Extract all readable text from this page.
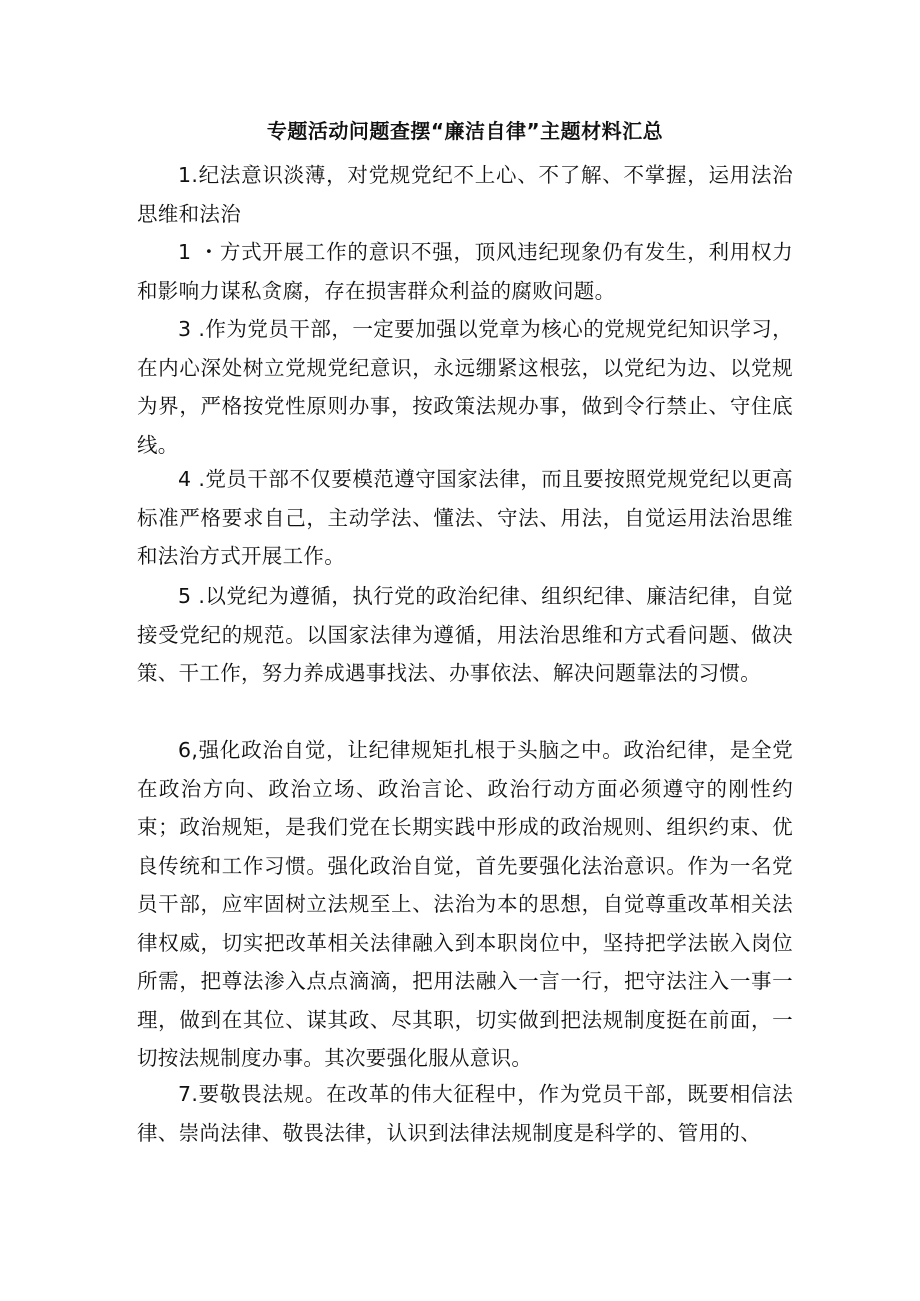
专题活动问题查摆“廉洁自律”主题材料汇总

1.纪法意识淡薄，对党规党纪不上心、不了解、不掌握，运用法治思维和法治

1 ・方式开展工作的意识不强，顶风违纪现象仍有发生，利用权力和影响力谋私贪腐，存在损害群众利益的腐败问题。

3 .作为党员干部，一定要加强以党章为核心的党规党纪知识学习，在内心深处树立党规党纪意识，永远绷紧这根弦，以党纪为边、以党规为界，严格按党性原则办事，按政策法规办事，做到令行禁止、守住底线。

4 .党员干部不仅要模范遵守国家法律，而且要按照党规党纪以更高标准严格要求自己，主动学法、懂法、守法、用法，自觉运用法治思维和法治方式开展工作。

5 .以党纪为遵循，执行党的政治纪律、组织纪律、廉洁纪律，自觉接受党纪的规范。以国家法律为遵循，用法治思维和方式看问题、做决策、干工作，努力养成遇事找法、办事依法、解决问题靠法的习惯。

6,强化政治自觉，让纪律规矩扎根于头脑之中。政治纪律，是全党在政治方向、政治立场、政治言论、政治行动方面必须遵守的刚性约束；政治规矩，是我们党在长期实践中形成的政治规则、组织约束、优良传统和工作习惯。强化政治自觉，首先要强化法治意识。作为一名党员干部，应牢固树立法规至上、法治为本的思想，自觉尊重改革相关法律权威，切实把改革相关法律融入到本职岗位中，坚持把学法嵌入岗位所需，把尊法渗入点点滴滴，把用法融入一言一行，把守法注入一事一理，做到在其位、谋其政、尽其职，切实做到把法规制度挺在前面，一切按法规制度办事。其次要强化服从意识。

7.要敬畏法规。在改革的伟大征程中，作为党员干部，既要相信法律、崇尚法律、敬畏法律，认识到法律法规制度是科学的、管用的、
